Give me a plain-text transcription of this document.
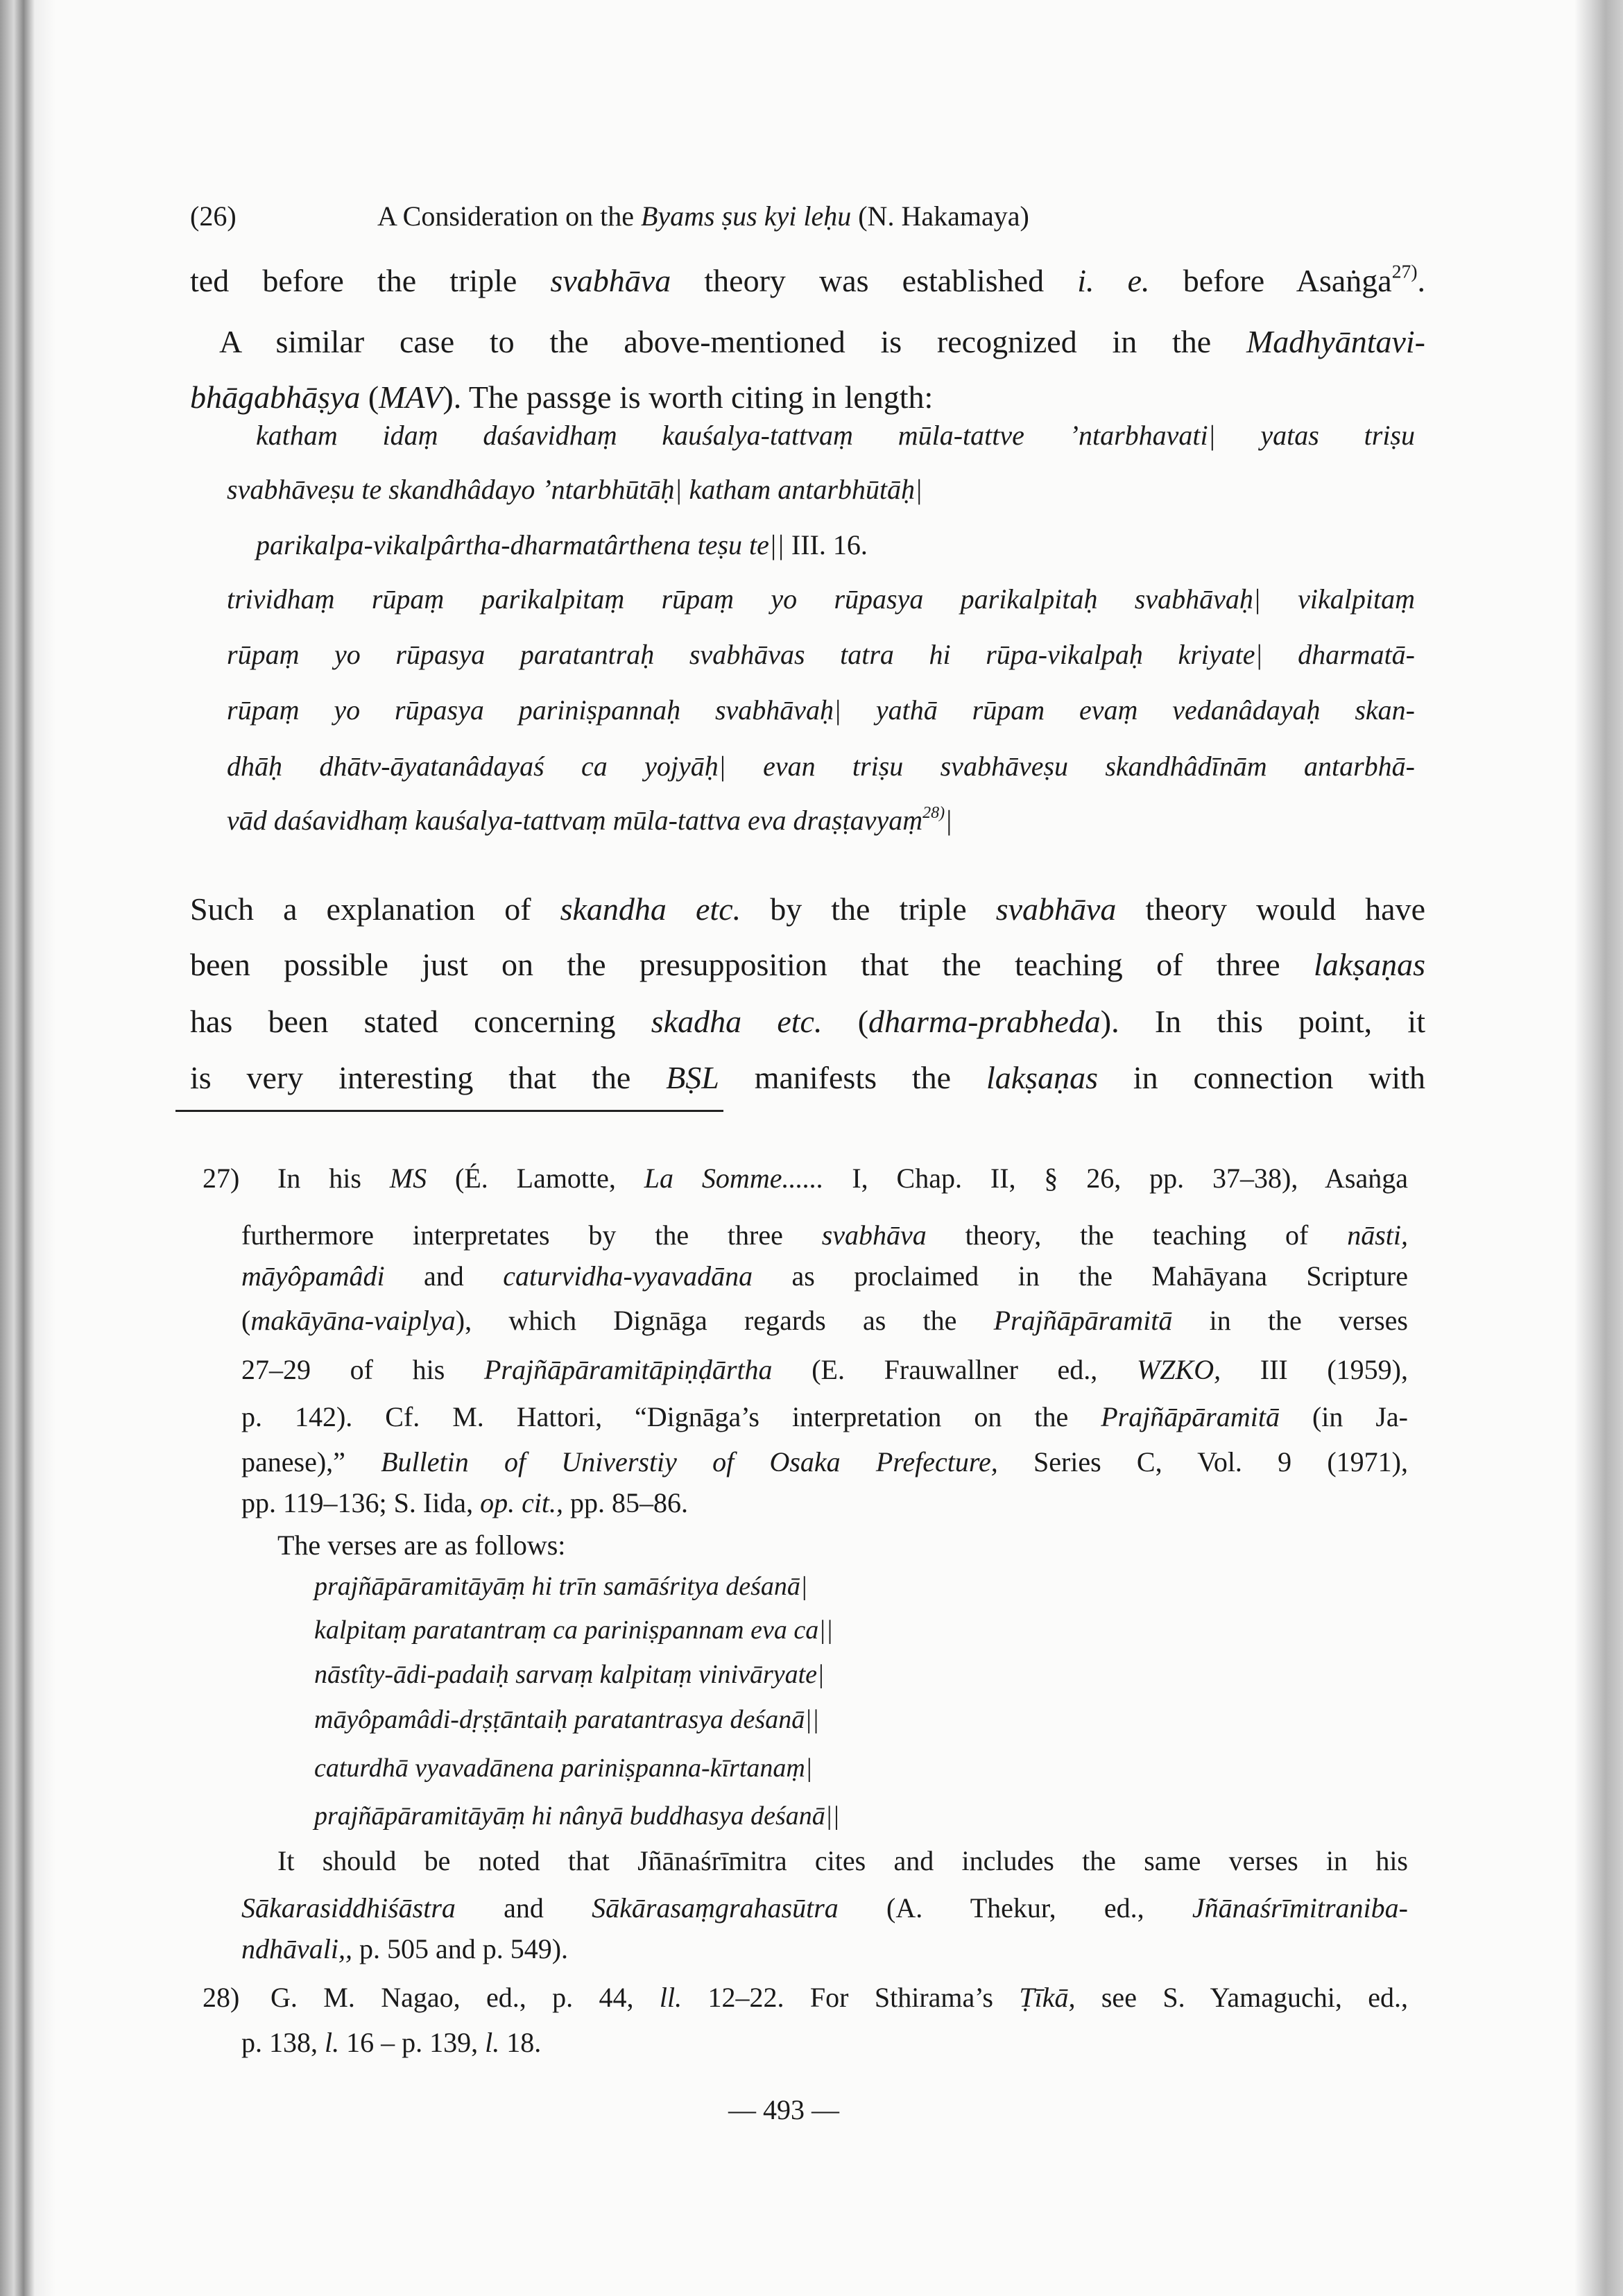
(26)	A Consideration on the Byams ṣus kyi leḥu (N. Hakamaya)
ted before the triple svabhāva theory was established i. e. before Asaṅga$^{27)}$.
A similar case to the above-mentioned is recognized in the Madhyāntavi-
bhāgabhāṣya (MAV). The passge is worth citing in length:
katham idaṃ daśavidhaṃ kauśalya-tattvaṃ mūla-tattve ’ntarbhavati| yatas triṣu
svabhāveṣu te skandhâdayo ’ntarbhūtāḥ| katham antarbhūtāḥ|
parikalpa-vikalpârtha-dharmatârthena teṣu te|| III. 16.
trividhaṃ rūpaṃ parikalpitaṃ rūpaṃ yo rūpasya parikalpitaḥ svabhāvaḥ| vikalpitaṃ
rūpaṃ yo rūpasya paratantraḥ svabhāvas tatra hi rūpa-vikalpaḥ kriyate| dharmatā-
rūpaṃ yo rūpasya pariniṣpannaḥ svabhāvaḥ| yathā rūpam evaṃ vedanâdayaḥ skan-
dhāḥ dhātv-āyatanâdayaś ca yojyāḥ| evan triṣu svabhāveṣu skandhâdīnām antarbhā-
vād daśavidhaṃ kauśalya-tattvaṃ mūla-tattva eva draṣṭavyaṃ$^{28)}$|
Such a explanation of skandha etc. by the triple svabhāva theory would have
been possible just on the presupposition that the teaching of three lakṣaṇas
has been stated concerning skadha etc. (dharma-prabheda). In this point, it
is very interesting that the BṢL manifests the lakṣaṇas in connection with
27) In his MS (É. Lamotte, La Somme...... I, Chap. II, § 26, pp. 37–38), Asaṅga
furthermore interpretates by the three svabhāva theory, the teaching of nāsti,
māyôpamâdi and caturvidha-vyavadāna as proclaimed in the Mahāyana Scripture
(makāyāna-vaiplya), which Dignāga regards as the Prajñāpāramitā in the verses
27–29 of his Prajñāpāramitāpiṇḍārtha (E. Frauwallner ed., WZKO, III (1959),
p. 142). Cf. M. Hattori, “Dignāga’s interpretation on the Prajñāpāramitā (in Ja-
panese),” Bulletin of Universtiy of Osaka Prefecture, Series C, Vol. 9 (1971),
pp. 119–136; S. Iida, op. cit., pp. 85–86.
The verses are as follows:
prajñāpāramitāyāṃ hi trīn samāśritya deśanā|
kalpitaṃ paratantraṃ ca pariniṣpannam eva ca||
nāstîty-ādi-padaiḥ sarvaṃ kalpitaṃ vinivāryate|
māyôpamâdi-dṛṣṭāntaiḥ paratantrasya deśanā||
caturdhā vyavadānena pariniṣpanna-kīrtanaṃ|
prajñāpāramitāyāṃ hi nânyā buddhasya deśanā||
It should be noted that Jñānaśrīmitra cites and includes the same verses in his
Sākarasiddhiśāstra and Sākārasaṃgrahasūtra (A. Thekur, ed., Jñānaśrīmitraniba-
ndhāvali,, p. 505 and p. 549).
28) G. M. Nagao, ed., p. 44, ll. 12–22. For Sthirama’s Ṭīkā, see S. Yamaguchi, ed.,
p. 138, l. 16 – p. 139, l. 18.
— 493 —
